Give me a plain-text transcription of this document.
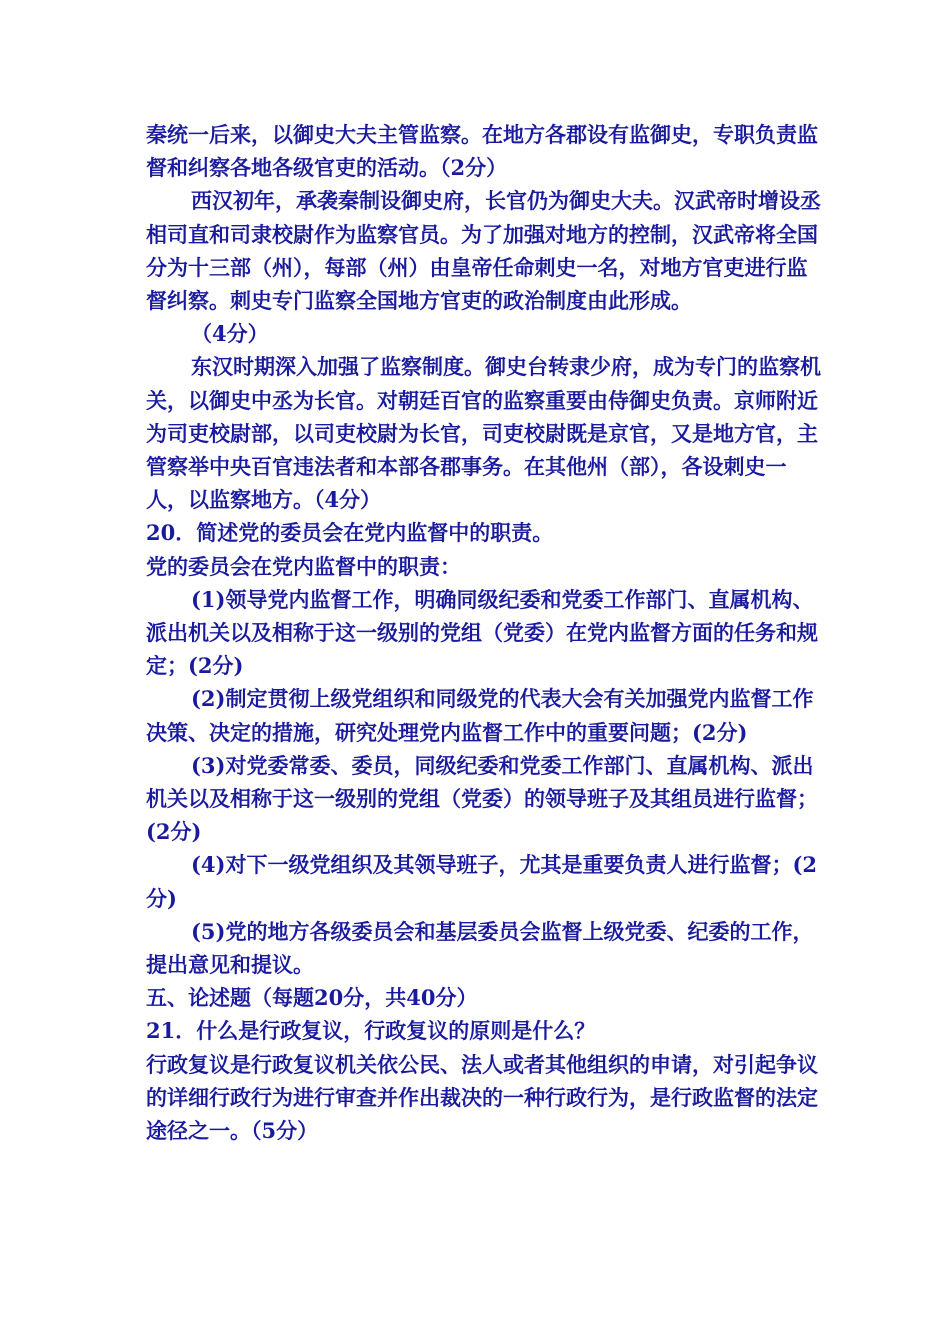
秦统一后来，以御史大夫主管监察。在地方各郡设有监御史，专职负责监督和纠察各地各级官吏的活动。（2分）

西汉初年，承袭秦制设御史府，长官仍为御史大夫。汉武帝时增设丞相司直和司隶校尉作为监察官员。为了加强对地方的控制，汉武帝将全国分为十三部（州），每部（州）由皇帝任命刺史一名，对地方官吏进行监督纠察。刺史专门监察全国地方官吏的政治制度由此形成。

（4分）

东汉时期深入加强了监察制度。御史台转隶少府，成为专门的监察机关，以御史中丞为长官。对朝廷百官的监察重要由侍御史负责。京师附近为司吏校尉部，以司吏校尉为长官，司吏校尉既是京官，又是地方官，主管察举中央百官违法者和本部各郡事务。在其他州（部），各设刺史一人，以监察地方。（4分）

20．简述党的委员会在党内监督中的职责。

党的委员会在党内监督中的职责：

(1)领导党内监督工作，明确同级纪委和党委工作部门、直属机构、派出机关以及相称于这一级别的党组（党委）在党内监督方面的任务和规定；(2分)

(2)制定贯彻上级党组织和同级党的代表大会有关加强党内监督工作决策、决定的措施，研究处理党内监督工作中的重要问题；(2分)

(3)对党委常委、委员，同级纪委和党委工作部门、直属机构、派出机关以及相称于这一级别的党组（党委）的领导班子及其组员进行监督；(2分)

(4)对下一级党组织及其领导班子，尤其是重要负责人进行监督；(2分)

(5)党的地方各级委员会和基层委员会监督上级党委、纪委的工作，提出意见和提议。

五、论述题（每题20分，共40分）

21．什么是行政复议，行政复议的原则是什么？

行政复议是行政复议机关依公民、法人或者其他组织的申请，对引起争议的详细行政行为进行审查并作出裁决的一种行政行为，是行政监督的法定途径之一。（5分）
